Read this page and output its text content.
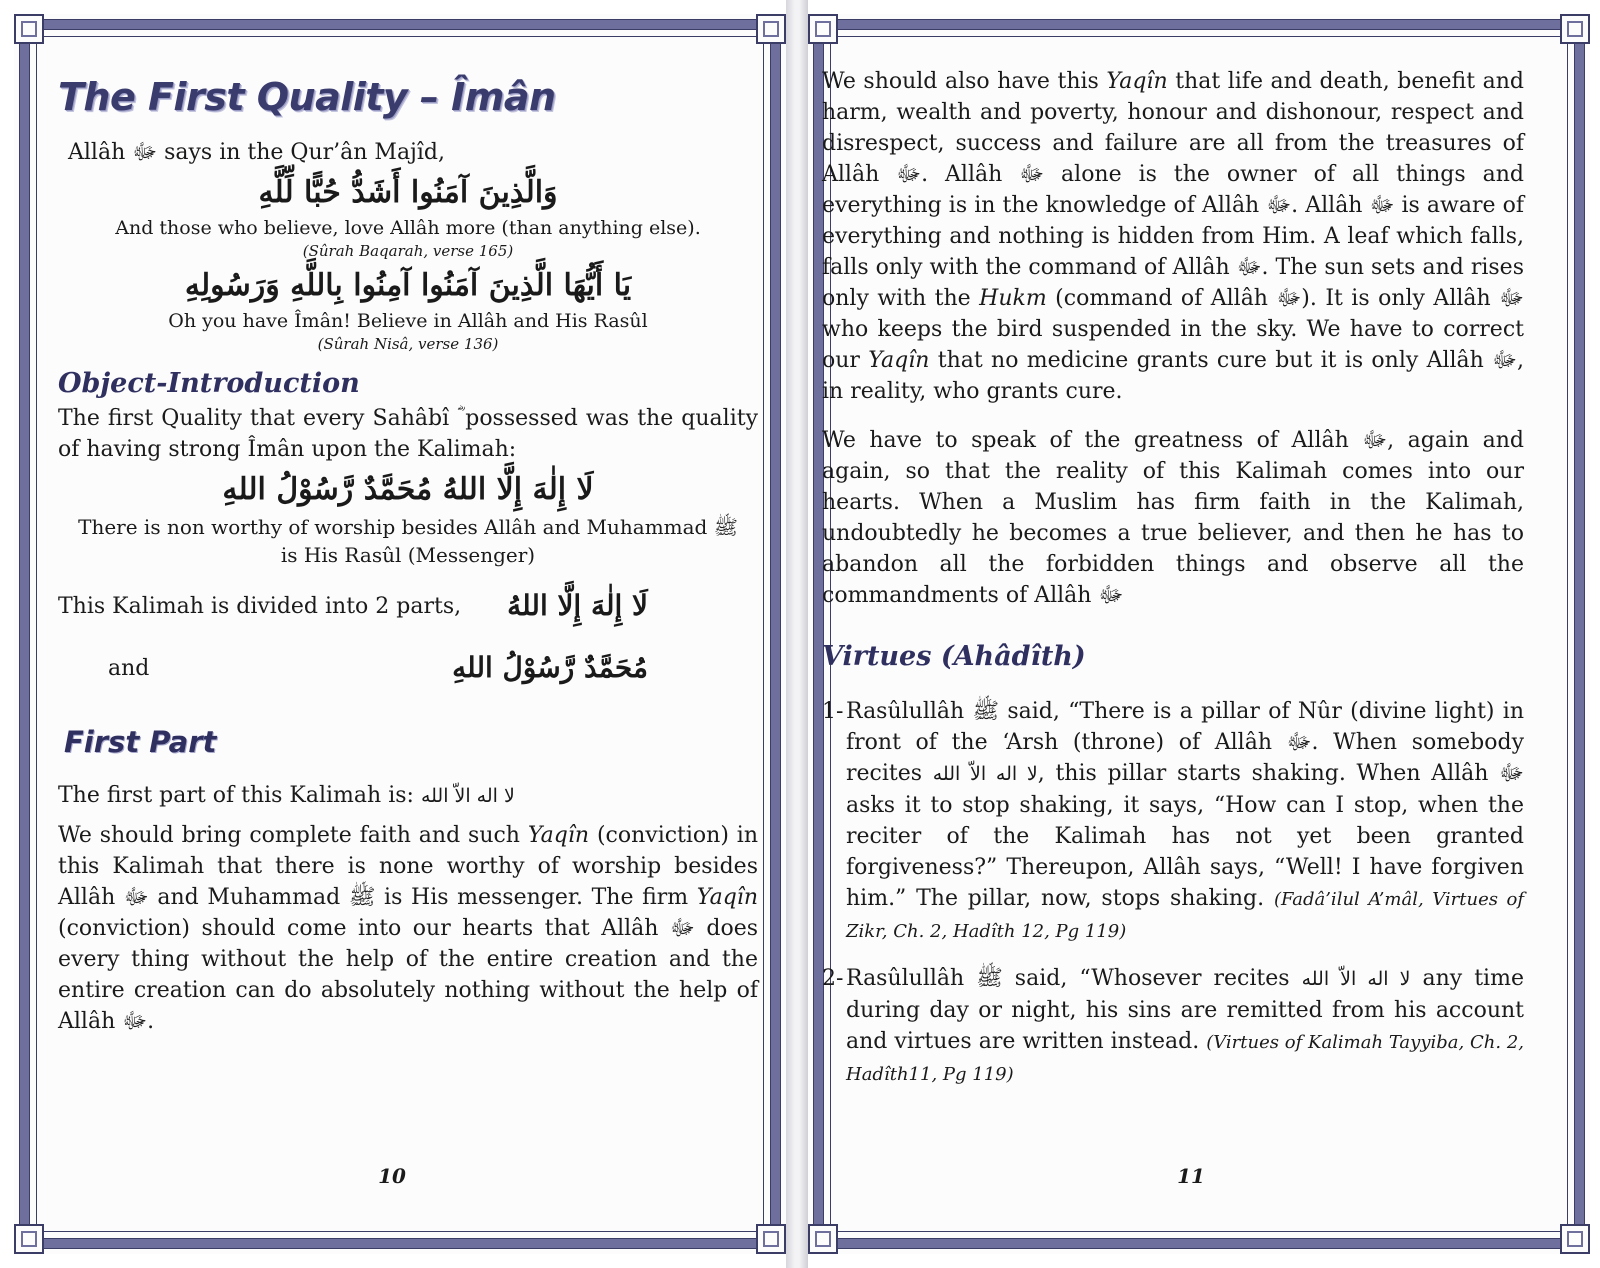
The First Quality – Îmân

Allâh ﷻ says in the Qur’ân Majîd,

وَالَّذِينَ آمَنُوا أَشَدُّ حُبًّا لِّلَّهِ

And those who believe, love Allâh more (than anything else).

(Sûrah Baqarah, verse 165)

يَا أَيُّهَا الَّذِينَ آمَنُوا آمِنُوا بِاللَّهِ وَرَسُولِهِ

Oh you have Îmân! Believe in Allâh and His Rasûl

(Sûrah Nisâ, verse 136)

Object-Introduction

The first Quality that every Sahâbî ؓ possessed was the quality of having strong Îmân upon the Kalimah:

لَا إِلٰهَ إِلَّا اللهُ مُحَمَّدٌ رَّسُوْلُ اللهِ

There is non worthy of worship besides Allâh and Muhammad ﷺ

is His Rasûl (Messenger)

This Kalimah is divided into 2 parts, لَا إِلٰهَ إِلَّا اللهُ
and	مُحَمَّدٌ رَّسُوْلُ اللهِ
First Part

The first part of this Kalimah is: لا اله الاّ الله

We should bring complete faith and such Yaqîn (conviction) in this Kalimah that there is none worthy of worship besides Allâh ﷻ and Muhammad ﷺ is His messenger. The firm Yaqîn (conviction) should come into our hearts that Allâh ﷻ does every thing without the help of the entire creation and the entire creation can do absolutely nothing without the help of Allâh ﷻ.

10

We should also have this Yaqîn that life and death, benefit and harm, wealth and poverty, honour and dishonour, respect and disrespect, success and failure are all from the treasures of Allâh ﷻ. Allâh ﷻ alone is the owner of all things and everything is in the knowledge of Allâh ﷻ. Allâh ﷻ is aware of everything and nothing is hidden from Him. A leaf which falls, falls only with the command of Allâh ﷻ. The sun sets and rises only with the Hukm (command of Allâh ﷻ). It is only Allâh ﷻ who keeps the bird suspended in the sky. We have to correct our Yaqîn that no medicine grants cure but it is only Allâh ﷻ, in reality, who grants cure.

We have to speak of the greatness of Allâh ﷻ, again and again, so that the reality of this Kalimah comes into our hearts. When a Muslim has firm faith in the Kalimah, undoubtedly he becomes a true believer, and then he has to abandon all the forbidden things and observe all the commandments of Allâh ﷻ

Virtues (Ahâdîth)
1- Rasûlullâh ﷺ said, “There is a pillar of Nûr (divine light) in front of the ‘Arsh (throne) of Allâh ﷻ. When somebody recites لا اله الاّ الله, this pillar starts shaking. When Allâh ﷻ asks it to stop shaking, it says, “How can I stop, when the reciter of the Kalimah has not yet been granted forgiveness?” Thereupon, Allâh says, “Well! I have forgiven him.” The pillar, now, stops shaking. (Fadâ’ilul A’mâl, Virtues of Zikr, Ch. 2, Hadîth 12, Pg 119)
2- Rasûlullâh ﷺ said, “Whosever recites لا اله الاّ الله any time during day or night, his sins are remitted from his account and virtues are written instead. (Virtues of Kalimah Tayyiba, Ch. 2, Hadîth11, Pg 119)
11
